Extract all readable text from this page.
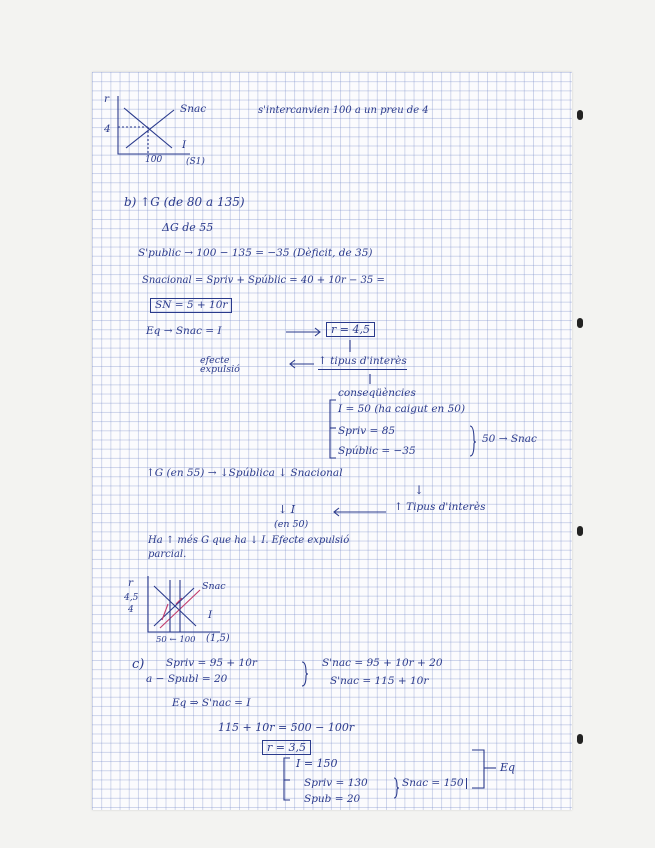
r
Snac
4
I
100	(S1)
s'intercanvien 100 a un preu de 4
b) ↑G (de 80 a 135)
ΔG de 55
S'public → 100 − 135 = −35 (Dèficit, de 35)
Snacional = Spriv + Spúblic = 40 + 10r − 35 =
SN = 5 + 10r
Eq → Snac = I	r = 4,5
efecte expulsió
↑ tipus d'interès
conseqüències
I = 50 (ha caigut en 50)
Spriv = 85
Spúblic = −35
50 → Snac
↑G (en 55) → ↓Spública ↓ Snacional
↓
↓ I
(en 50)
↑ Tipus d'interès
Ha ↑ més G que ha ↓ I. Efecte expulsió
parcial.
r	Snac
4,5
4	I
50 ← 100 (1,5)
c) Spriv = 95 + 10r
a − Spubl = 20
S'nac = 95 + 10r + 20
S'nac = 115 + 10r
Eq ⇒ S'nac = I
115 + 10r = 500 − 100r
r = 3,5
I = 150
Spriv = 130
Spub = 20
Snac = 150
Eq
